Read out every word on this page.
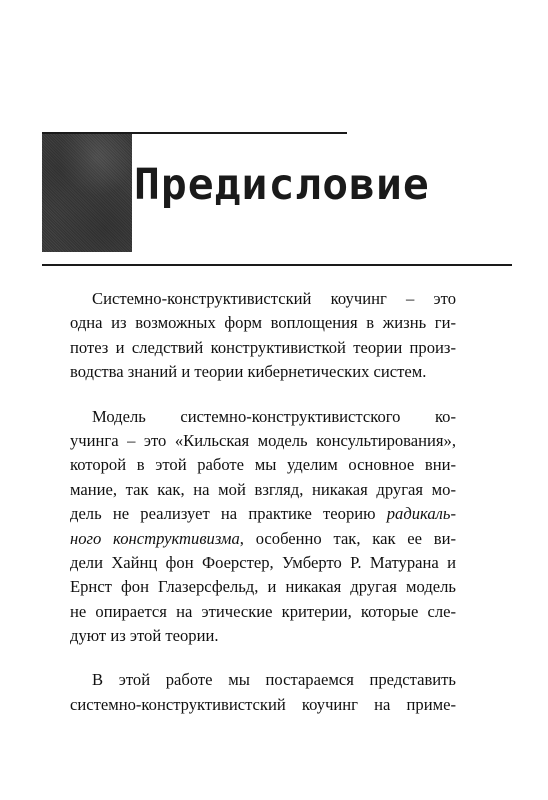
Предисловие

Системно-конструктивистский коучинг – это
одна из возможных форм воплощения в жизнь ги-
потез и следствий конструктивисткой теории произ-
водства знаний и теории кибернетических систем.

Модель системно-конструктивистского ко-
учинга – это «Кильская модель консультирования»,
которой в этой работе мы уделим основное вни-
мание, так как, на мой взгляд, никакая другая мо-
дель не реализует на практике теорию радикаль-
ного конструктивизма, особенно так, как ее ви-
дели Хайнц фон Фоерстер, Умберто Р. Матурана и
Ернст фон Глазерсфельд, и никакая другая модель
не опирается на этические критерии, которые сле-
дуют из этой теории.

В этой работе мы постараемся представить
системно-конструктивистский коучинг на приме-
